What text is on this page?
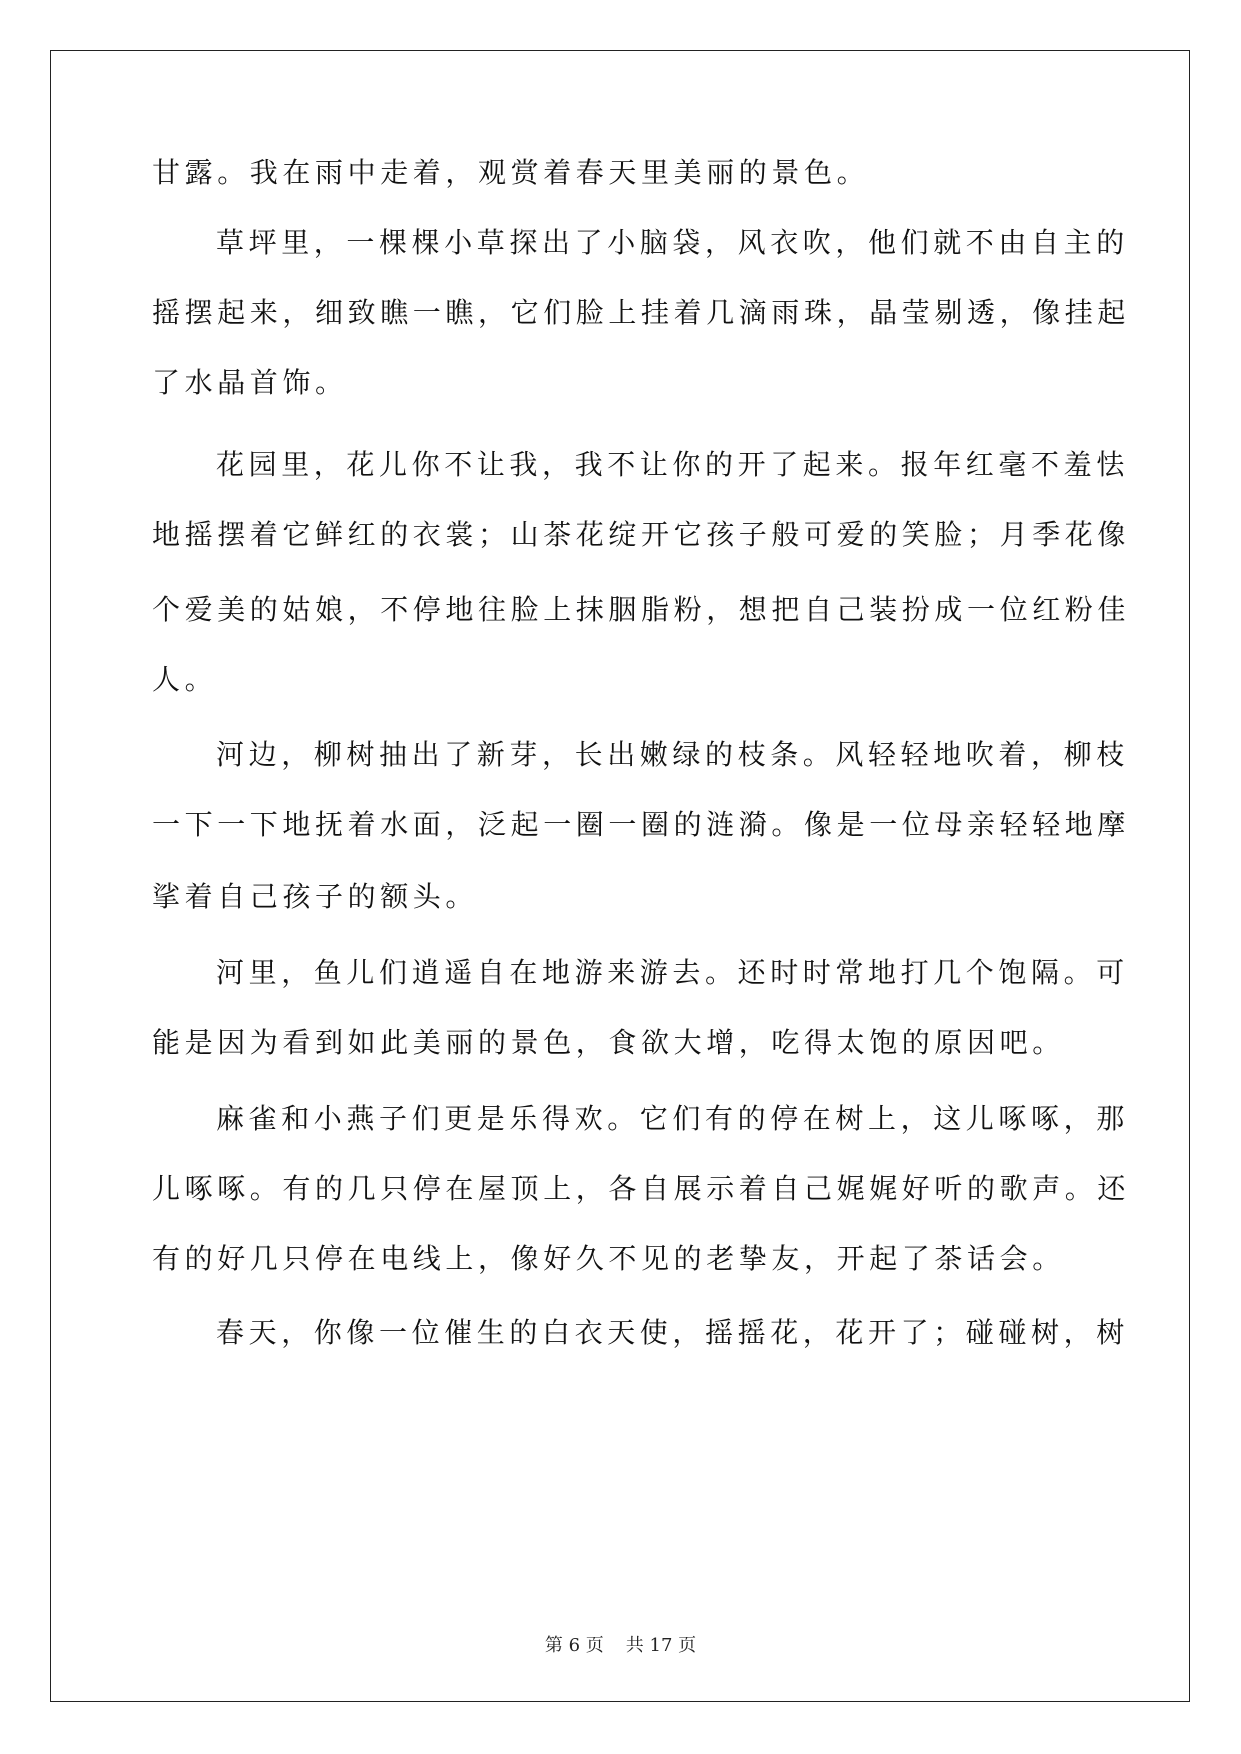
甘露。我在雨中走着，观赏着春天里美丽的景色。
草坪里，一棵棵小草探出了小脑袋，风衣吹，他们就不由自主的
摇摆起来，细致瞧一瞧，它们脸上挂着几滴雨珠，晶莹剔透，像挂起
了水晶首饰。
花园里，花儿你不让我，我不让你的开了起来。报年红毫不羞怯
地摇摆着它鲜红的衣裳；山茶花绽开它孩子般可爱的笑脸；月季花像
个爱美的姑娘，不停地往脸上抹胭脂粉，想把自己装扮成一位红粉佳
人。
河边，柳树抽出了新芽，长出嫩绿的枝条。风轻轻地吹着，柳枝
一下一下地抚着水面，泛起一圈一圈的涟漪。像是一位母亲轻轻地摩
挲着自己孩子的额头。
河里，鱼儿们逍遥自在地游来游去。还时时常地打几个饱隔。可
能是因为看到如此美丽的景色，食欲大增，吃得太饱的原因吧。
麻雀和小燕子们更是乐得欢。它们有的停在树上，这儿啄啄，那
儿啄啄。有的几只停在屋顶上，各自展示着自己娓娓好听的歌声。还
有的好几只停在电线上，像好久不见的老挚友，开起了茶话会。
春天，你像一位催生的白衣天使，摇摇花，花开了；碰碰树，树
第 6 页 共 17 页
